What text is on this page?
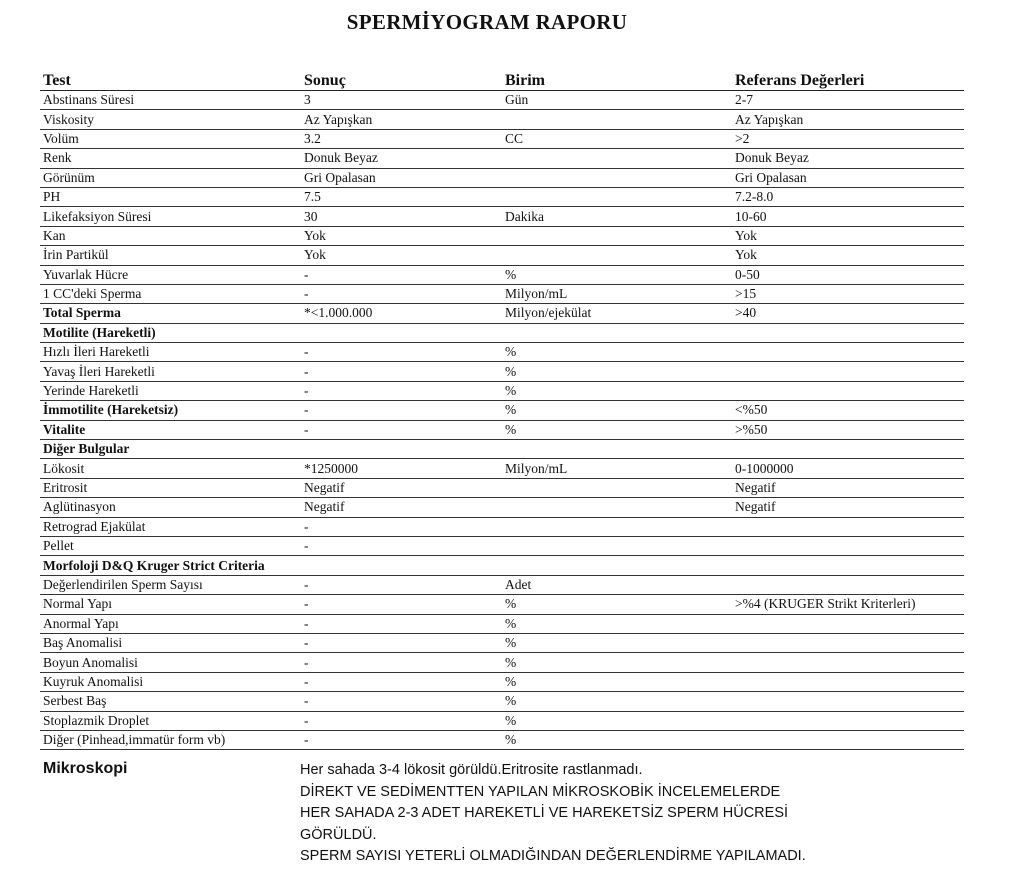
SPERMİYOGRAM RAPORU
Test	Sonuç	Birim	Referans Değerleri
Abstinans Süresi	3	Gün	2-7
Viskosity	Az Yapışkan		Az Yapışkan
Volüm	3.2	CC	>2
Renk	Donuk Beyaz		Donuk Beyaz
Görünüm	Gri Opalasan		Gri Opalasan
PH	7.5		7.2-8.0
Likefaksiyon Süresi	30	Dakika	10-60
Kan	Yok		Yok
İrin Partikül	Yok		Yok
Yuvarlak Hücre	-	%	0-50
1 CC'deki Sperma	-	Milyon/mL	>15
Total Sperma	*<1.000.000	Milyon/ejekülat	>40
Motilite (Hareketli)			
Hızlı İleri Hareketli	-	%	
Yavaş İleri Hareketli	-	%	
Yerinde Hareketli	-	%	
İmmotilite (Hareketsiz)	-	%	<%50
Vitalite	-	%	>%50
Diğer Bulgular			
Lökosit	*1250000	Milyon/mL	0-1000000
Eritrosit	Negatif		Negatif
Aglütinasyon	Negatif		Negatif
Retrograd Ejakülat	-		
Pellet	-		
Morfoloji D&Q Kruger Strict Criteria			
Değerlendirilen Sperm Sayısı	-	Adet	
Normal Yapı	-	%	>%4 (KRUGER Strikt Kriterleri)
Anormal Yapı	-	%	
Baş Anomalisi	-	%	
Boyun Anomalisi	-	%	
Kuyruk Anomalisi	-	%	
Serbest Baş	-	%	
Stoplazmik Droplet	-	%	
Diğer (Pinhead,immatür form vb)	-	%	
Mikroskopi	Her sahada 3-4 lökosit görüldü.Eritrosite rastlanmadı.
DİREKT VE SEDİMENTTEN YAPILAN MİKROSKOBİK İNCELEMELERDE
HER SAHADA 2-3 ADET HAREKETLİ VE HAREKETSİZ SPERM HÜCRESİ
GÖRÜLDÜ.
SPERM SAYISI YETERLİ OLMADIĞINDAN DEĞERLENDİRME YAPILAMADI.
